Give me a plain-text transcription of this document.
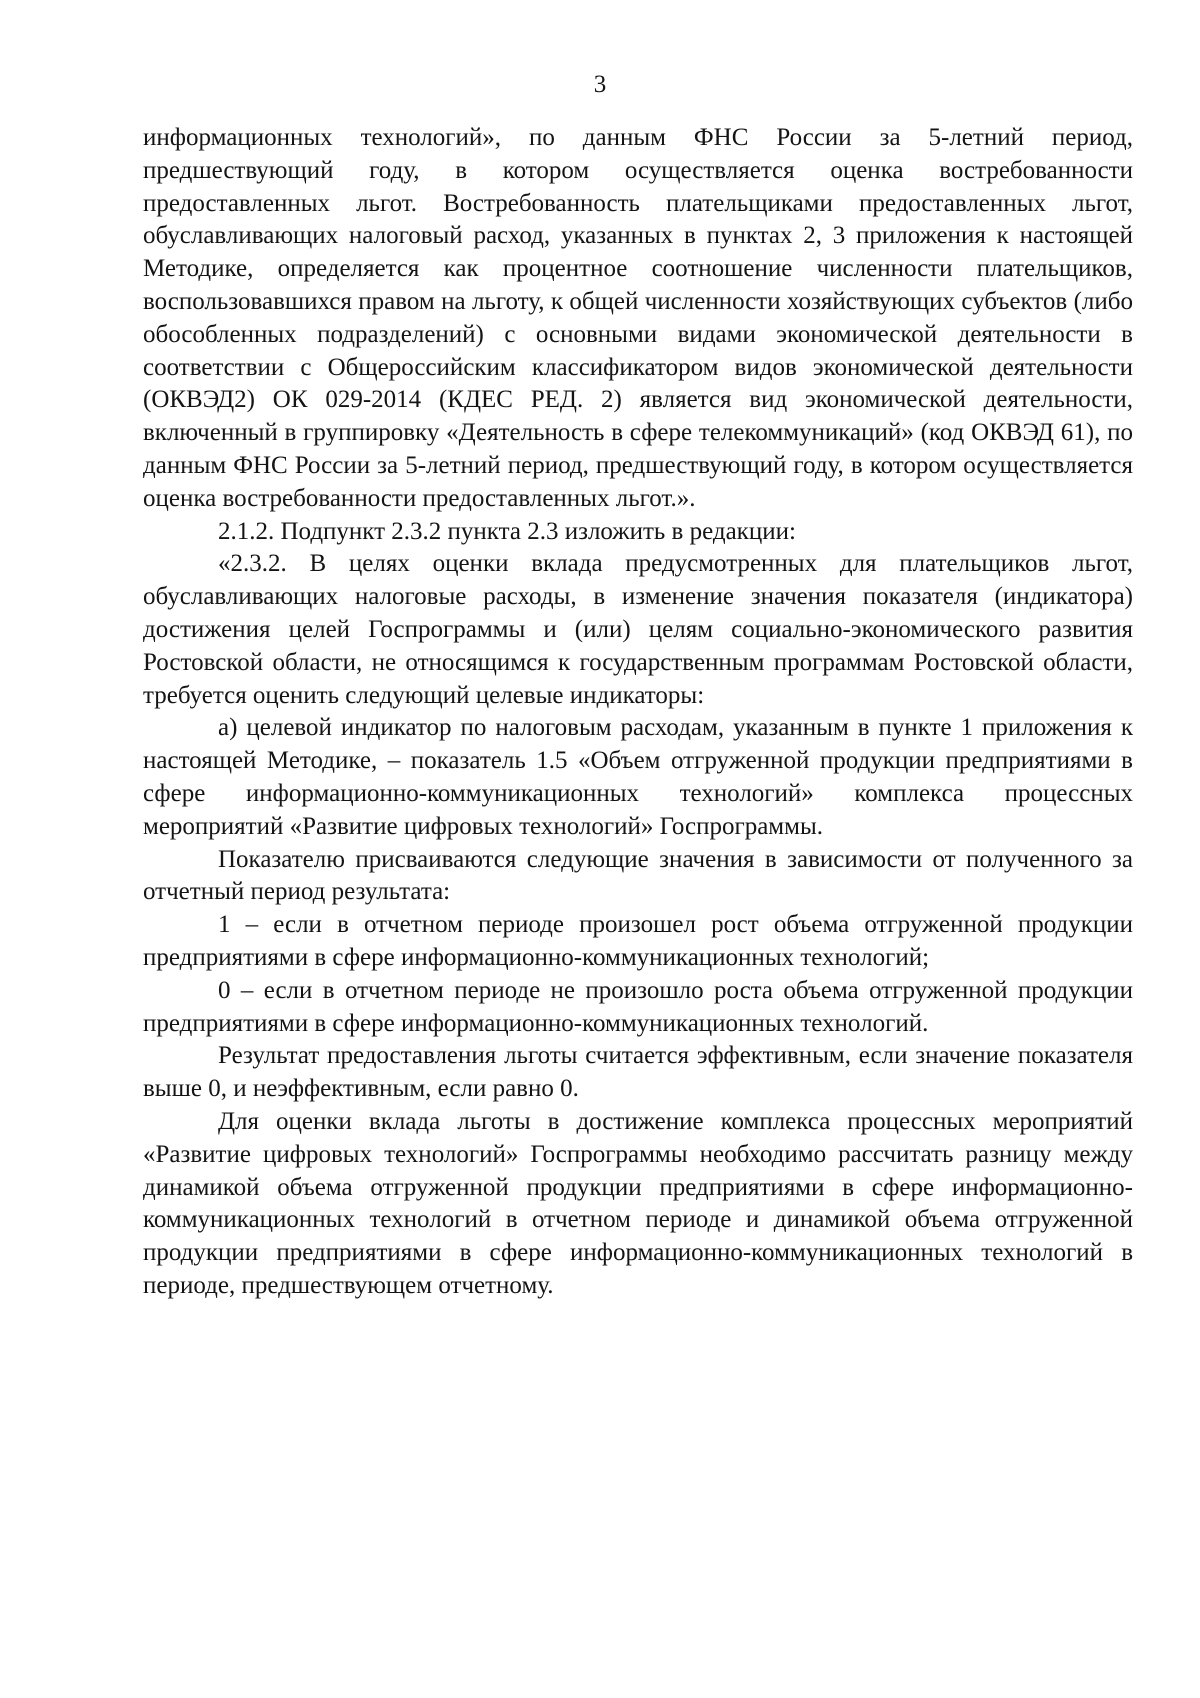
3

информационных технологий», по данным ФНС России за 5-летний период, предшествующий году, в котором осуществляется оценка востребованности предоставленных льгот. Востребованность плательщиками предоставленных льгот, обуславливающих налоговый расход, указанных в пунктах 2, 3 приложения к настоящей Методике, определяется как процентное соотношение численности плательщиков, воспользовавшихся правом на льготу, к общей численности хозяйствующих субъектов (либо обособленных подразделений) с основными видами экономической деятельности в соответствии с Общероссийским классификатором видов экономической деятельности (ОКВЭД2) ОК 029-2014 (КДЕС РЕД. 2) является вид экономической деятельности, включенный в группировку «Деятельность в сфере телекоммуникаций» (код ОКВЭД 61), по данным ФНС России за 5-летний период, предшествующий году, в котором осуществляется оценка востребованности предоставленных льгот.».

2.1.2. Подпункт 2.3.2 пункта 2.3 изложить в редакции:

«2.3.2. В целях оценки вклада предусмотренных для плательщиков льгот, обуславливающих налоговые расходы, в изменение значения показателя (индикатора) достижения целей Госпрограммы и (или) целям социально-экономического развития Ростовской области, не относящимся к государственным программам Ростовской области, требуется оценить следующий целевые индикаторы:

а) целевой индикатор по налоговым расходам, указанным в пункте 1 приложения к настоящей Методике, – показатель 1.5 «Объем отгруженной продукции предприятиями в сфере информационно-коммуникационных технологий» комплекса процессных мероприятий «Развитие цифровых технологий» Госпрограммы.

Показателю присваиваются следующие значения в зависимости от полученного за отчетный период результата:

1 – если в отчетном периоде произошел рост объема отгруженной продукции предприятиями в сфере информационно-коммуникационных технологий;

0 – если в отчетном периоде не произошло роста объема отгруженной продукции предприятиями в сфере информационно-коммуникационных технологий.

Результат предоставления льготы считается эффективным, если значение показателя выше 0, и неэффективным, если равно 0.

Для оценки вклада льготы в достижение комплекса процессных мероприятий «Развитие цифровых технологий» Госпрограммы необходимо рассчитать разницу между динамикой объема отгруженной продукции предприятиями в сфере информационно-коммуникационных технологий в отчетном периоде и динамикой объема отгруженной продукции предприятиями в сфере информационно-коммуникационных технологий в периоде, предшествующем отчетному.
